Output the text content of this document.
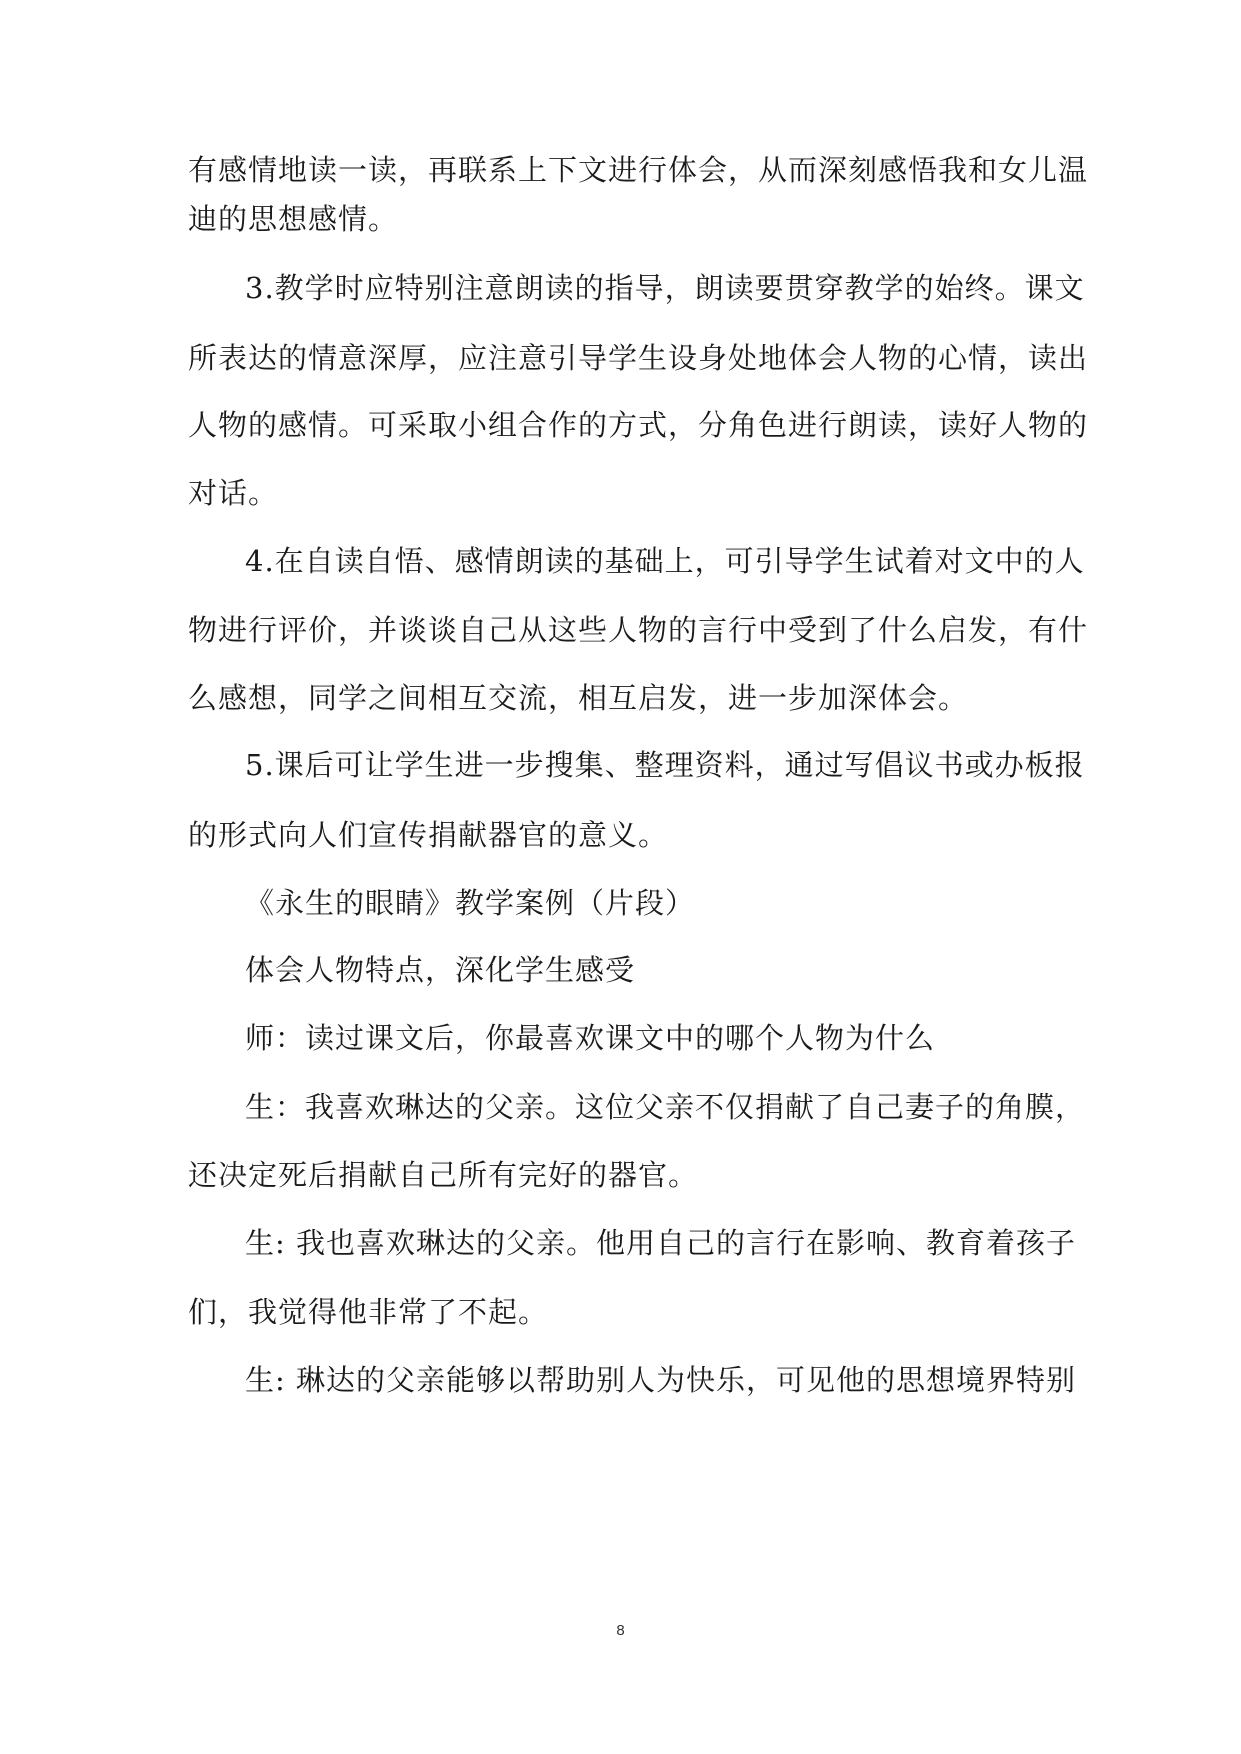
有感情地读一读，再联系上下文进行体会，从而深刻感悟我和女儿温
迪的思想感情。
3.教学时应特别注意朗读的指导，朗读要贯穿教学的始终。课文
所表达的情意深厚，应注意引导学生设身处地体会人物的心情，读出
人物的感情。可采取小组合作的方式，分角色进行朗读，读好人物的
对话。
4.在自读自悟、感情朗读的基础上，可引导学生试着对文中的人
物进行评价，并谈谈自己从这些人物的言行中受到了什么启发，有什
么感想，同学之间相互交流，相互启发，进一步加深体会。
5.课后可让学生进一步搜集、整理资料，通过写倡议书或办板报
的形式向人们宣传捐献器官的意义。
《永生的眼睛》教学案例（片段）
体会人物特点，深化学生感受
师：读过课文后，你最喜欢课文中的哪个人物为什么
生：我喜欢琳达的父亲。这位父亲不仅捐献了自己妻子的角膜，
还决定死后捐献自己所有完好的器官。
生: 我也喜欢琳达的父亲。他用自己的言行在影响、教育着孩子
们，我觉得他非常了不起。
生: 琳达的父亲能够以帮助别人为快乐，可见他的思想境界特别
8
